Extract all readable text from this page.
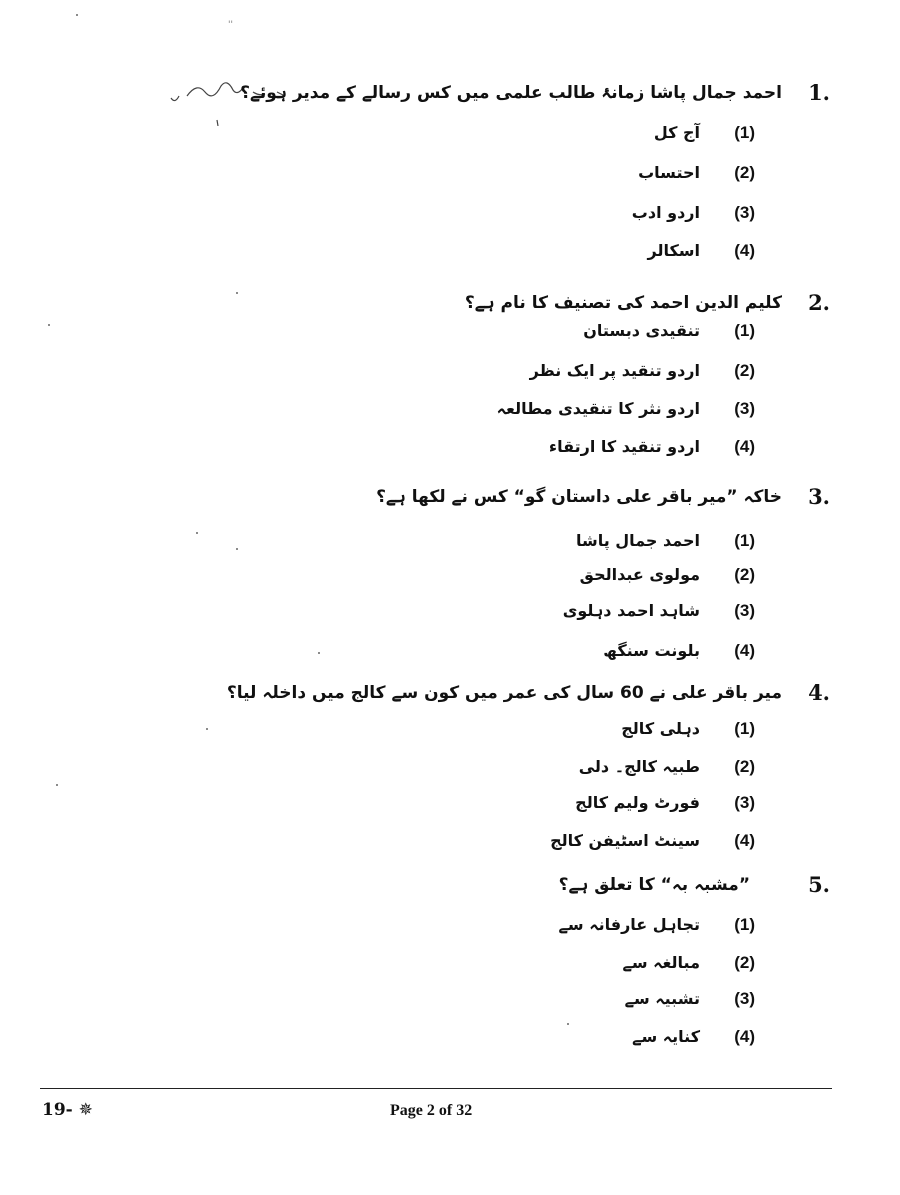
ꞌꞌ
1.
احمد جمال پاشا زمانۂ طالب علمی میں کس رسالے کے مدیر ہوئے؟
(1)
آج کل
(2)
احتساب
(3)
اردو ادب
(4)
اسکالر
2.
کلیم الدین احمد کی تصنیف کا نام ہے؟
(1)
تنقیدی دبستان
(2)
اردو تنقید پر ایک نظر
(3)
اردو نثر کا تنقیدی مطالعہ
(4)
اردو تنقید کا ارتقاء
3.
خاکہ ”میر باقر علی داستان گو“ کس نے لکھا ہے؟
(1)
احمد جمال پاشا
(2)
مولوی عبدالحق
(3)
شاہد احمد دہلوی
(4)
بلونت سنگھ
4.
میر باقر علی نے 60 سال کی عمر میں کون سے کالج میں داخلہ لیا؟
(1)
دہلی کالج
(2)
طبیہ کالج۔ دلی
(3)
فورٹ ولیم کالج
(4)
سینٹ اسٹیفن کالج
5.
”مشبہ بہ“ کا تعلق ہے؟
(1)
تجاہل عارفانہ سے
(2)
مبالغہ سے
(3)
تشبیہ سے
(4)
کنایہ سے
19- ✵	Page 2 of 32
